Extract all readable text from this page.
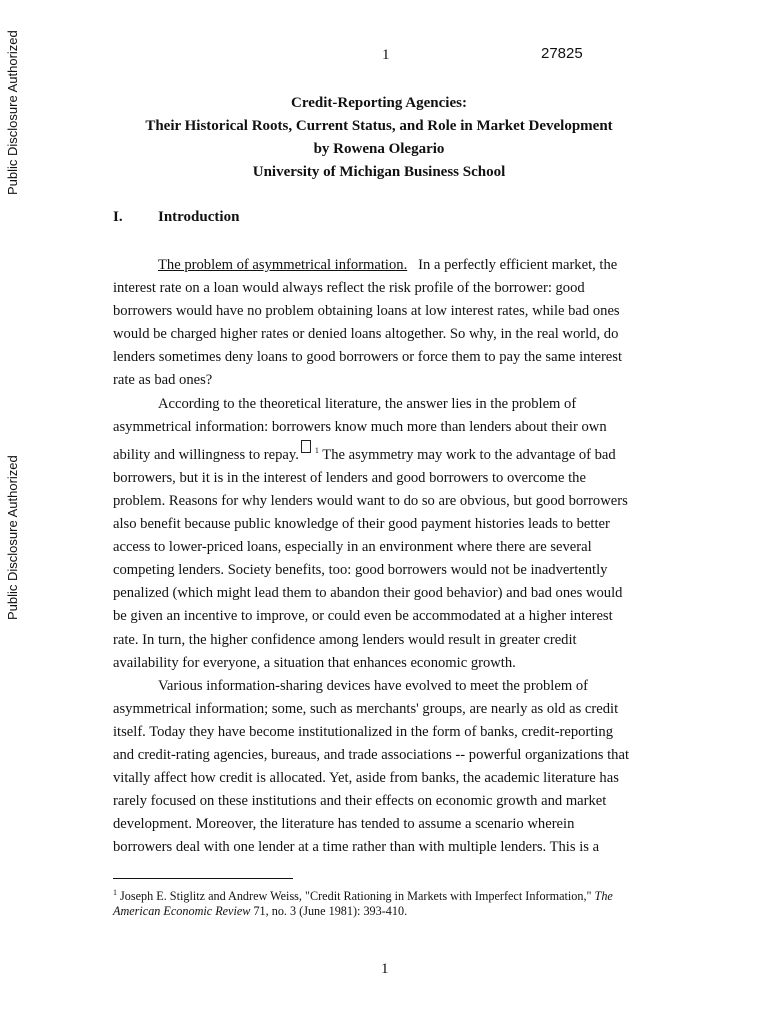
Public Disclosure Authorized
Public Disclosure Authorized
1	27825
Credit-Reporting Agencies:
Their Historical Roots, Current Status, and Role in Market Development
by Rowena Olegario
University of Michigan Business School
I. Introduction
The problem of asymmetrical information.   In a perfectly efficient market, the
interest rate on a loan would always reflect the risk profile of the borrower: good
borrowers would have no problem obtaining loans at low interest rates, while bad ones
would be charged higher rates or denied loans altogether. So why, in the real world, do
lenders sometimes deny loans to good borrowers or force them to pay the same interest
rate as bad ones?
According to the theoretical literature, the answer lies in the problem of
asymmetrical information: borrowers know much more than lenders about their own
ability and willingness to repay. $^1$ The asymmetry may work to the advantage of bad
borrowers, but it is in the interest of lenders and good borrowers to overcome the
problem. Reasons for why lenders would want to do so are obvious, but good borrowers
also benefit because public knowledge of their good payment histories leads to better
access to lower-priced loans, especially in an environment where there are several
competing lenders. Society benefits, too: good borrowers would not be inadvertently
penalized (which might lead them to abandon their good behavior) and bad ones would
be given an incentive to improve, or could even be accommodated at a higher interest
rate. In turn, the higher confidence among lenders would result in greater credit
availability for everyone, a situation that enhances economic growth.
Various information-sharing devices have evolved to meet the problem of
asymmetrical information; some, such as merchants' groups, are nearly as old as credit
itself. Today they have become institutionalized in the form of banks, credit-reporting
and credit-rating agencies, bureaus, and trade associations -- powerful organizations that
vitally affect how credit is allocated. Yet, aside from banks, the academic literature has
rarely focused on these institutions and their effects on economic growth and market
development. Moreover, the literature has tended to assume a scenario wherein
borrowers deal with one lender at a time rather than with multiple lenders. This is a
$^1$ Joseph E. Stiglitz and Andrew Weiss, "Credit Rationing in Markets with Imperfect Information," The
American Economic Review 71, no. 3 (June 1981): 393-410.
1
